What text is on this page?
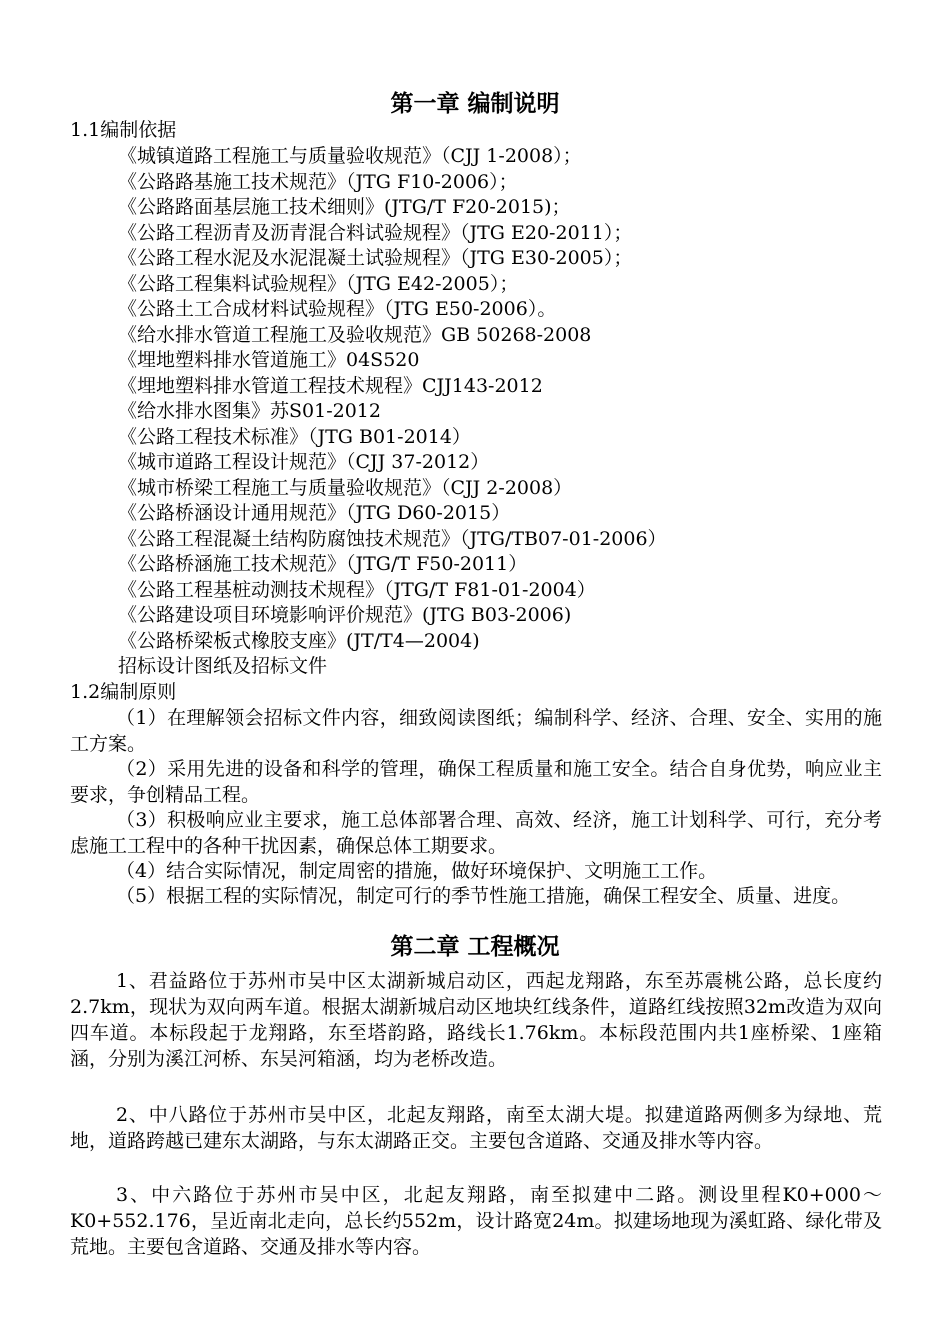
第一章 编制说明
1.1编制依据
《城镇道路工程施工与质量验收规范》（CJJ 1-2008）；
《公路路基施工技术规范》（JTG F10-2006）；
《公路路面基层施工技术细则》(JTG/T F20-2015)；
《公路工程沥青及沥青混合料试验规程》（JTG E20-2011）；
《公路工程水泥及水泥混凝土试验规程》（JTG E30-2005）；
《公路工程集料试验规程》（JTG E42-2005）；
《公路土工合成材料试验规程》（JTG E50-2006）。
《给水排水管道工程施工及验收规范》GB 50268-2008
《埋地塑料排水管道施工》04S520
《埋地塑料排水管道工程技术规程》CJJ143-2012
《给水排水图集》苏S01-2012
《公路工程技术标准》（JTG B01-2014）
《城市道路工程设计规范》（CJJ 37-2012）
《城市桥梁工程施工与质量验收规范》（CJJ 2-2008）
《公路桥涵设计通用规范》（JTG D60-2015）
《公路工程混凝土结构防腐蚀技术规范》（JTG/TB07-01-2006）
《公路桥涵施工技术规范》（JTG/T F50-2011）
《公路工程基桩动测技术规程》（JTG/T F81-01-2004）
《公路建设项目环境影响评价规范》(JTG B03-2006)
《公路桥梁板式橡胶支座》(JT/T4—2004)
招标设计图纸及招标文件
1.2编制原则
（1）在理解领会招标文件内容，细致阅读图纸；编制科学、经济、合理、安全、实用的施工方案。
（2）采用先进的设备和科学的管理，确保工程质量和施工安全。结合自身优势，响应业主要求，争创精品工程。
（3）积极响应业主要求，施工总体部署合理、高效、经济，施工计划科学、可行，充分考虑施工工程中的各种干扰因素，确保总体工期要求。
（4）结合实际情况，制定周密的措施，做好环境保护、文明施工工作。
（5）根据工程的实际情况，制定可行的季节性施工措施，确保工程安全、质量、进度。
第二章 工程概况
1、君益路位于苏州市吴中区太湖新城启动区，西起龙翔路，东至苏震桃公路，总长度约2.7km，现状为双向两车道。根据太湖新城启动区地块红线条件，道路红线按照32m改造为双向四车道。本标段起于龙翔路，东至塔韵路，路线长1.76km。本标段范围内共1座桥梁、1座箱涵，分别为溪江河桥、东吴河箱涵，均为老桥改造。
2、中八路位于苏州市吴中区，北起友翔路，南至太湖大堤。拟建道路两侧多为绿地、荒地，道路跨越已建东太湖路，与东太湖路正交。主要包含道路、交通及排水等内容。
3、中六路位于苏州市吴中区，北起友翔路，南至拟建中二路。测设里程K0+000～K0+552.176，呈近南北走向，总长约552m，设计路宽24m。拟建场地现为溪虹路、绿化带及荒地。主要包含道路、交通及排水等内容。
